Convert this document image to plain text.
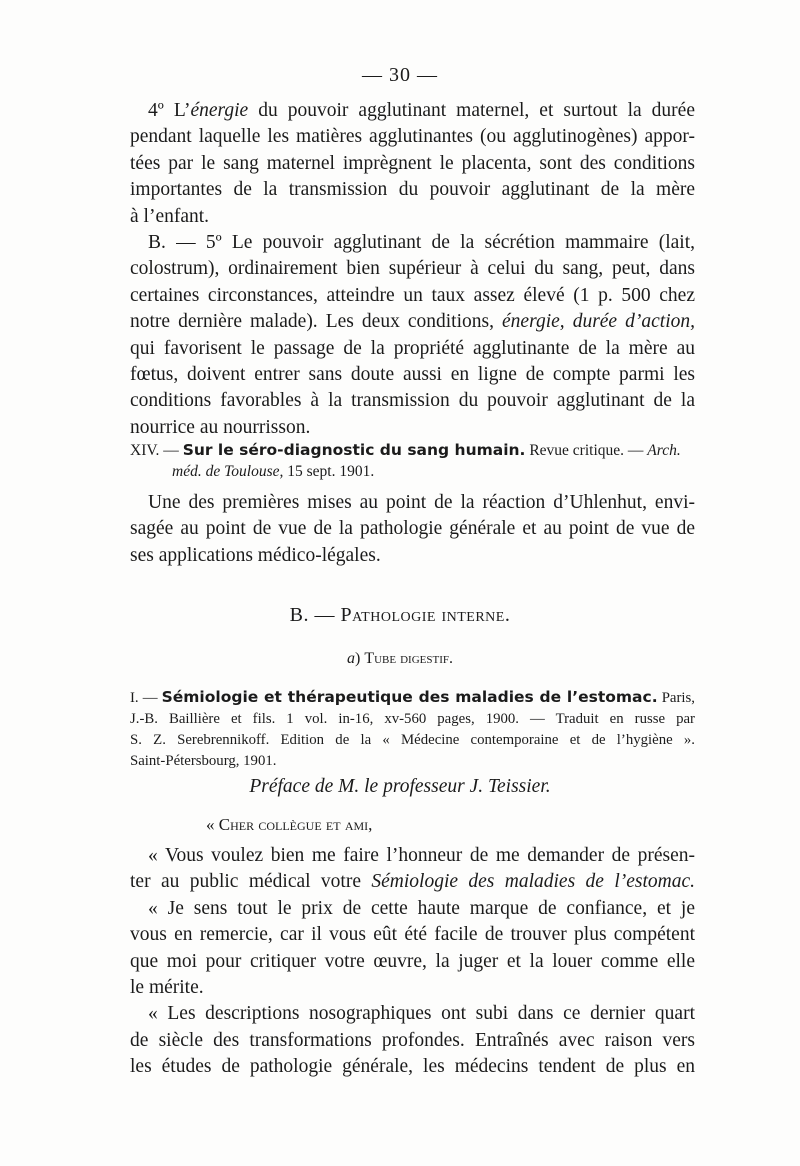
— 30 —
4º L’énergie du pouvoir agglutinant maternel, et surtout la durée
pendant laquelle les matières agglutinantes (ou agglutinogènes) appor-
tées par le sang maternel imprègnent le placenta, sont des conditions
importantes de la transmission du pouvoir agglutinant de la mère
à l’enfant.
B. — 5º Le pouvoir agglutinant de la sécrétion mammaire (lait,
colostrum), ordinairement bien supérieur à celui du sang, peut, dans
certaines circonstances, atteindre un taux assez élevé (1 p. 500 chez
notre dernière malade). Les deux conditions, énergie, durée d’action,
qui favorisent le passage de la propriété agglutinante de la mère au
fœtus, doivent entrer sans doute aussi en ligne de compte parmi les
conditions favorables à la transmission du pouvoir agglutinant de la
nourrice au nourrisson.
XIV. — Sur le séro-diagnostic du sang humain. Revue critique. — Arch.
méd. de Toulouse, 15 sept. 1901.
Une des premières mises au point de la réaction d’Uhlenhut, envi-
sagée au point de vue de la pathologie générale et au point de vue de
ses applications médico-légales.
B. — Pathologie interne.
a) Tube digestif.
I. — Sémiologie et thérapeutique des maladies de l’estomac. Paris,
J.-B. Baillière et fils. 1 vol. in-16, xv-560 pages, 1900. — Traduit en russe par
S. Z. Serebrennikoff. Edition de la « Médecine contemporaine et de l’hygiène ».
Saint-Pétersbourg, 1901.
Préface de M. le professeur J. Teissier.
« Cher collègue et ami,
« Vous voulez bien me faire l’honneur de me demander de présen-
ter au public médical votre Sémiologie des maladies de l’estomac.
« Je sens tout le prix de cette haute marque de confiance, et je
vous en remercie, car il vous eût été facile de trouver plus compétent
que moi pour critiquer votre œuvre, la juger et la louer comme elle
le mérite.
« Les descriptions nosographiques ont subi dans ce dernier quart
de siècle des transformations profondes. Entraînés avec raison vers
les études de pathologie générale, les médecins tendent de plus en
